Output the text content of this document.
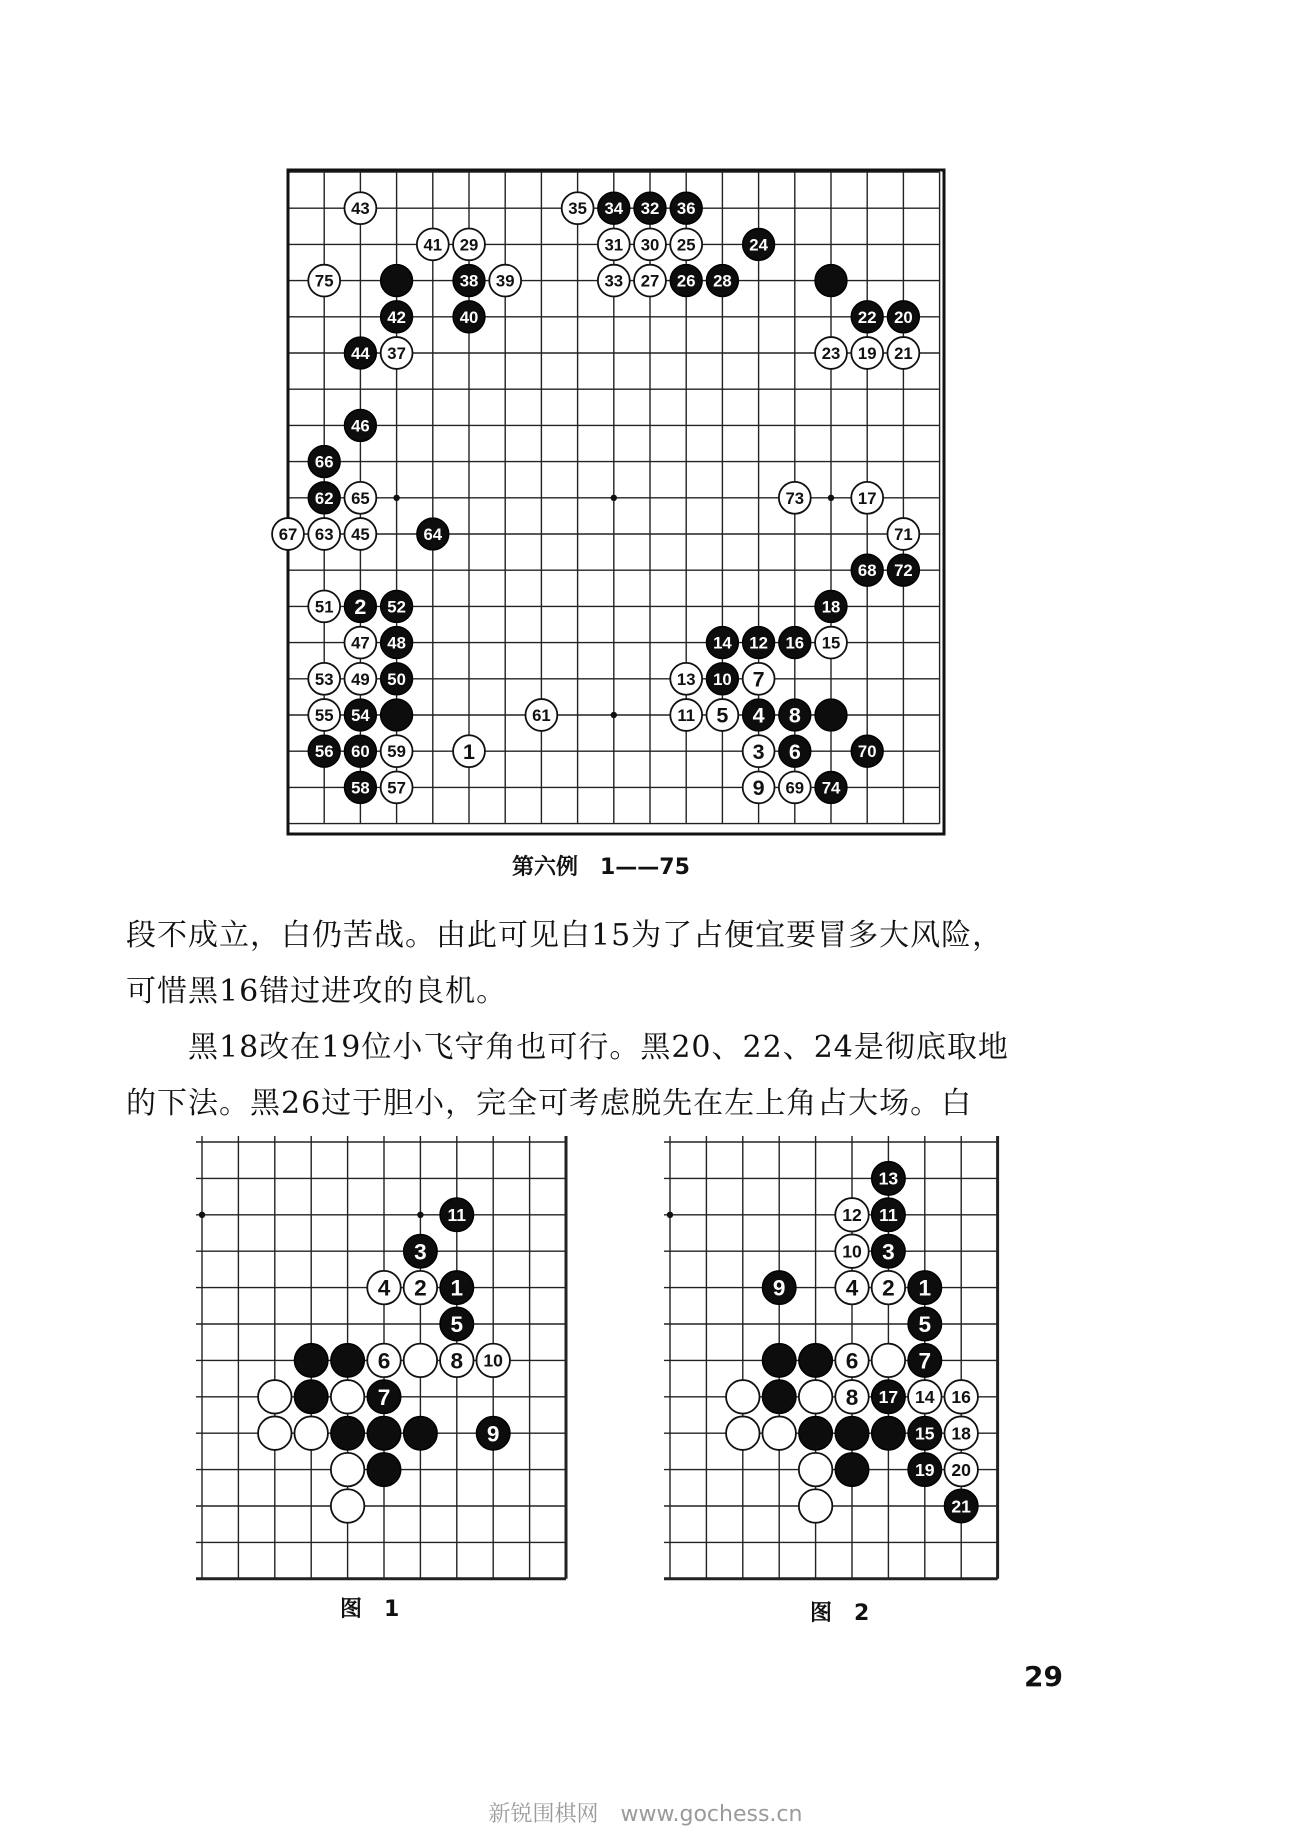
43	35 34 32 36
41 29	31 30 25	24
75	38 39	33 27 26 28
42	40	22 20
44 37	23 19 21
46
66
62 65	73	17
67 63 45	64	71
68 72
51 2 52	18
47 48	14 12 16 15
53 49 50	13 10 7
55 54	61	11 5 4 8
56 60 59	1	3 6	70
58 57	9 69 74
第六例　1——75
段不成立，白仍苦战。由此可见白15为了占便宜要冒多大风险，
可惜黑16错过进攻的良机。
　　黑18改在19位小飞守角也可行。黑20、22、24是彻底取地
的下法。黑26过于胆小，完全可考虑脱先在左上角占大场。白
11
3
4 2 1
5
6	8 10
7
9
图　1
13
12 11
10 3
9	4 2 1
5
6	7
8 17 14 16
15 18
19 20
21
图　2
29
新锐围棋网　www.gochess.cn
